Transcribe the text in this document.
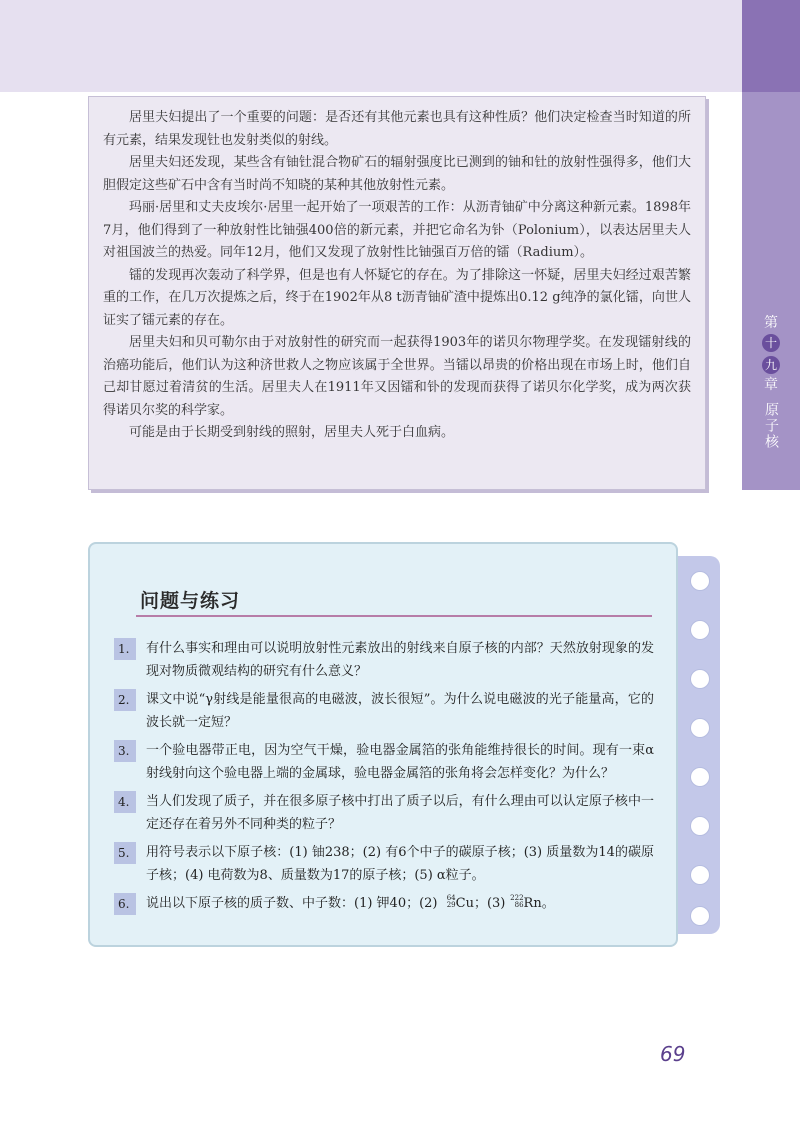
第
十
九
章
原子核

居里夫妇提出了一个重要的问题：是否还有其他元素也具有这种性质？他们决定检查当时知道的所有元素，结果发现钍也发射类似的射线。

居里夫妇还发现，某些含有铀钍混合物矿石的辐射强度比已测到的铀和钍的放射性强得多，他们大胆假定这些矿石中含有当时尚不知晓的某种其他放射性元素。

玛丽·居里和丈夫皮埃尔·居里一起开始了一项艰苦的工作：从沥青铀矿中分离这种新元素。1898年7月，他们得到了一种放射性比铀强400倍的新元素，并把它命名为钋（Polonium），以表达居里夫人对祖国波兰的热爱。同年12月，他们又发现了放射性比铀强百万倍的镭（Radium）。

镭的发现再次轰动了科学界，但是也有人怀疑它的存在。为了排除这一怀疑，居里夫妇经过艰苦繁重的工作，在几万次提炼之后，终于在1902年从8 t沥青铀矿渣中提炼出0.12 g纯净的氯化镭，向世人证实了镭元素的存在。

居里夫妇和贝可勒尔由于对放射性的研究而一起获得1903年的诺贝尔物理学奖。在发现镭射线的治癌功能后，他们认为这种济世救人之物应该属于全世界。当镭以昂贵的价格出现在市场上时，他们自己却甘愿过着清贫的生活。居里夫人在1911年又因镭和钋的发现而获得了诺贝尔化学奖，成为两次获得诺贝尔奖的科学家。

可能是由于长期受到射线的照射，居里夫人死于白血病。

问题与练习
1.	有什么事实和理由可以说明放射性元素放出的射线来自原子核的内部？天然放射现象的发现对物质微观结构的研究有什么意义？
2.	课文中说“γ射线是能量很高的电磁波，波长很短”。为什么说电磁波的光子能量高，它的波长就一定短？
3.	一个验电器带正电，因为空气干燥，验电器金属箔的张角能维持很长的时间。现有一束α射线射向这个验电器上端的金属球，验电器金属箔的张角将会怎样变化？为什么？
4.	当人们发现了质子，并在很多原子核中打出了质子以后，有什么理由可以认定原子核中一定还存在着另外不同种类的粒子？
5.	用符号表示以下原子核：(1) 铀238；(2) 有6个中子的碳原子核；(3) 质量数为14的碳原子核；(4) 电荷数为8、质量数为17的原子核；(5) α粒子。
6.	说出以下原子核的质子数、中子数：(1) 钾40；(2) 64
29 Cu；(3) 222
86 Rn。
69
